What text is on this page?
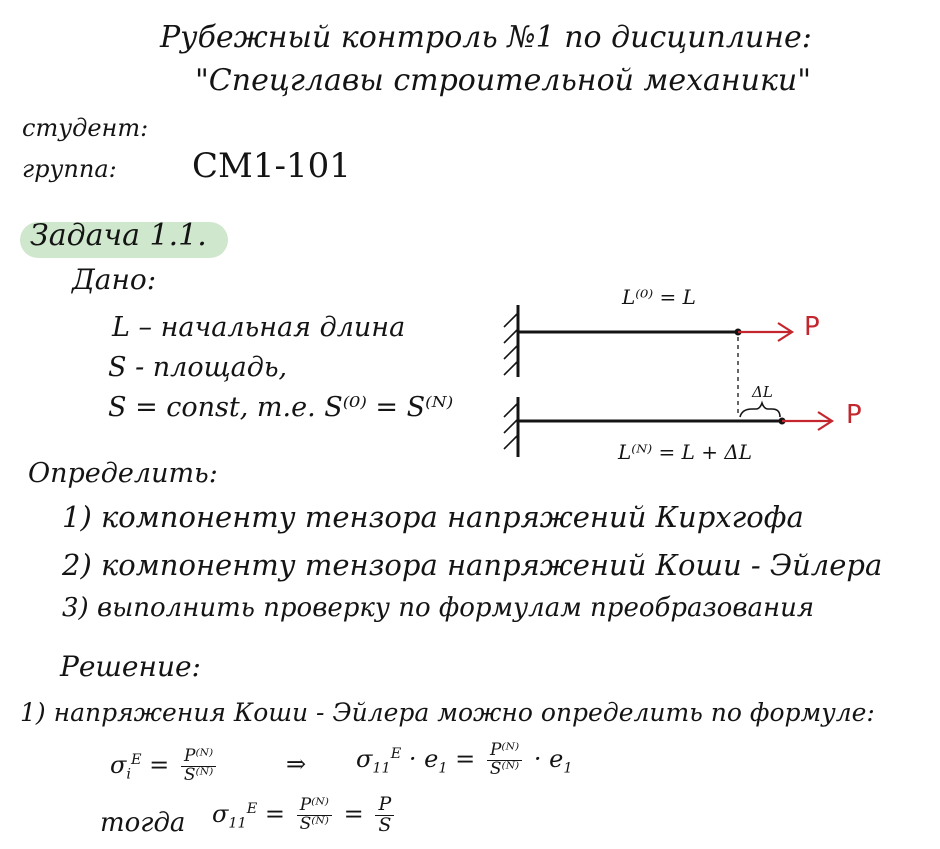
Рубежный контроль №1 по дисциплине:
"Спецглавы строительной механики"
студент:
группа: СМ1-101
Задача 1.1.
Дано:
L – начальная длина
S - площадь,
S = const, т.е. S⁽⁰⁾ = S⁽ᴺ⁾
L⁽⁰⁾ = L
L⁽ᴺ⁾ = L + ΔL
ΔL
P
P
Определить:
1) компоненту тензора напряжений Кирхгофа
2) компоненту тензора напряжений Коши - Эйлера
3) выполнить проверку по формулам преобразования
Решение:
1) напряжения Коши - Эйлера можно определить по формуле:
$\sigma_i^E = \frac{\text{P⁽ᴺ⁾}}{\text{S⁽ᴺ⁾}}$	⇒ $\sigma_{11}^E \cdot e_1 = \frac{\text{P⁽ᴺ⁾}}{\text{S⁽ᴺ⁾}} \cdot e_1$
тогда $\sigma_{11}^E = \frac{\text{P⁽ᴺ⁾}}{\text{S⁽ᴺ⁾}} = \frac{P}{S}$
